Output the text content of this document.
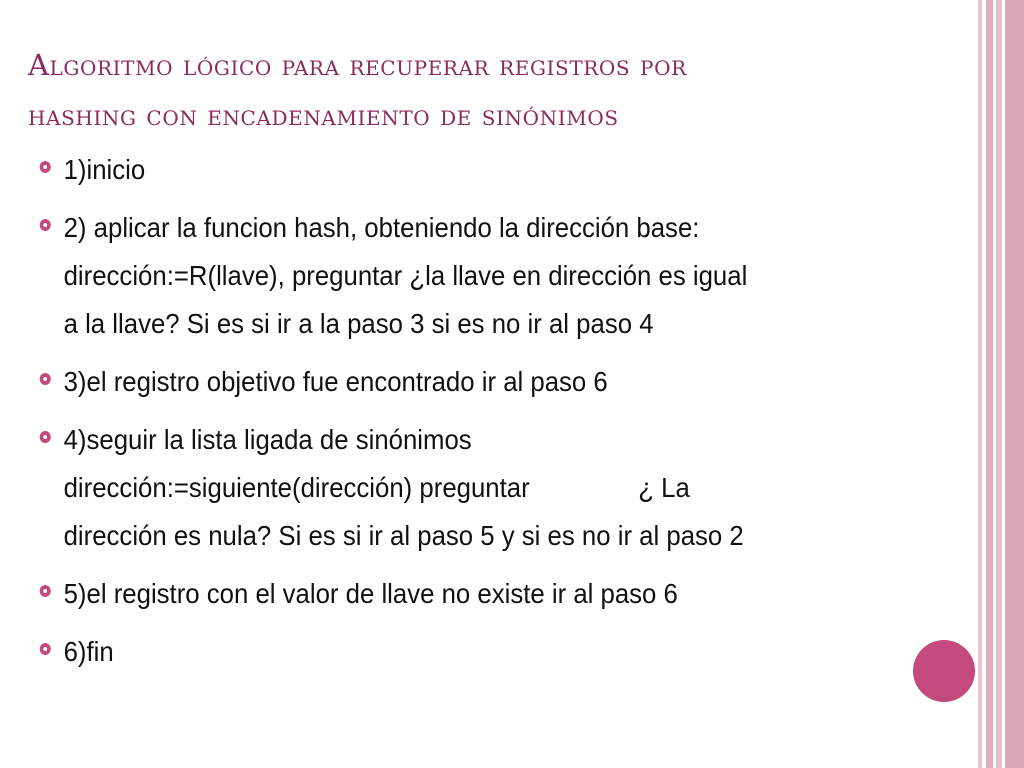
Algoritmo lógico para recuperar registros por
hashing con encadenamiento de sinónimos
1)inicio
2) aplicar la funcion hash, obteniendo la dirección base:
dirección:=R(llave), preguntar ¿la llave en dirección es igual
a la llave? Si es si ir a la paso 3 si es no ir al paso 4
3)el registro objetivo fue encontrado ir al paso 6
4)seguir la lista ligada de sinónimos
dirección:=siguiente(dirección) preguntar	¿ La
dirección es nula? Si es si ir al paso 5 y si es no ir al paso 2
5)el registro con el valor de llave no existe ir al paso 6
6)fin
